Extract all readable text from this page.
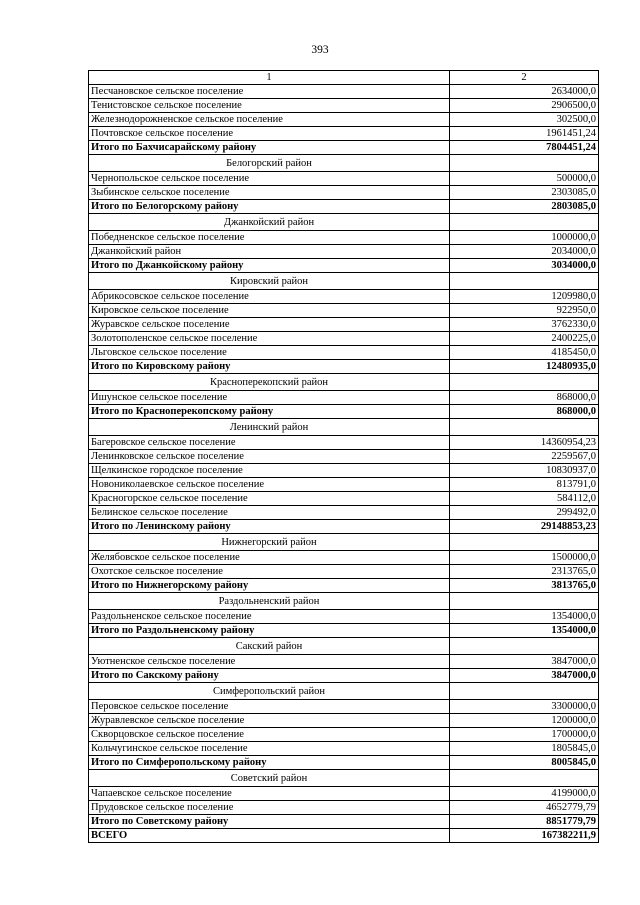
393
1	2
Песчановское сельское поселение	2634000,0
Тенистовское сельское поселение	2906500,0
Железнодорожненское сельское поселение	302500,0
Почтовское сельское поселение	1961451,24
Итого по Бахчисарайскому району	7804451,24
Белогорский район	
Чернопольское сельское поселение	500000,0
Зыбинское сельское поселение	2303085,0
Итого по Белогорскому району	2803085,0
Джанкойский район	
Победненское сельское поселение	1000000,0
Джанкойский район	2034000,0
Итого по Джанкойскому району	3034000,0
Кировский район	
Абрикосовское сельское поселение	1209980,0
Кировское сельское поселение	922950,0
Журавское сельское поселение	3762330,0
Золотополенское сельское поселение	2400225,0
Льговское сельское поселение	4185450,0
Итого по Кировскому району	12480935,0
Красноперекопский район	
Ишунское сельское поселение	868000,0
Итого по Красноперекопскому району	868000,0
Ленинский район	
Багеровское сельское поселение	14360954,23
Ленинковское сельское поселение	2259567,0
Щелкинское городское поселение	10830937,0
Новониколаевское сельское поселение	813791,0
Красногорское сельское поселение	584112,0
Белинское сельское поселение	299492,0
Итого по Ленинскому району	29148853,23
Нижнегорский район	
Желябовское сельское поселение	1500000,0
Охотское сельское поселение	2313765,0
Итого по Нижнегорскому району	3813765,0
Раздольненский район	
Раздольненское сельское поселение	1354000,0
Итого по Раздольненскому району	1354000,0
Сакский район	
Уютненское сельское поселение	3847000,0
Итого по Сакскому району	3847000,0
Симферопольский район	
Перовское сельское поселение	3300000,0
Журавлевское сельское поселение	1200000,0
Скворцовское сельское поселение	1700000,0
Кольчугинское сельское поселение	1805845,0
Итого по Симферопольскому району	8005845,0
Советский район	
Чапаевское сельское поселение	4199000,0
Прудовское сельское поселение	4652779,79
Итого по Советскому району	8851779,79
ВСЕГО	167382211,9
